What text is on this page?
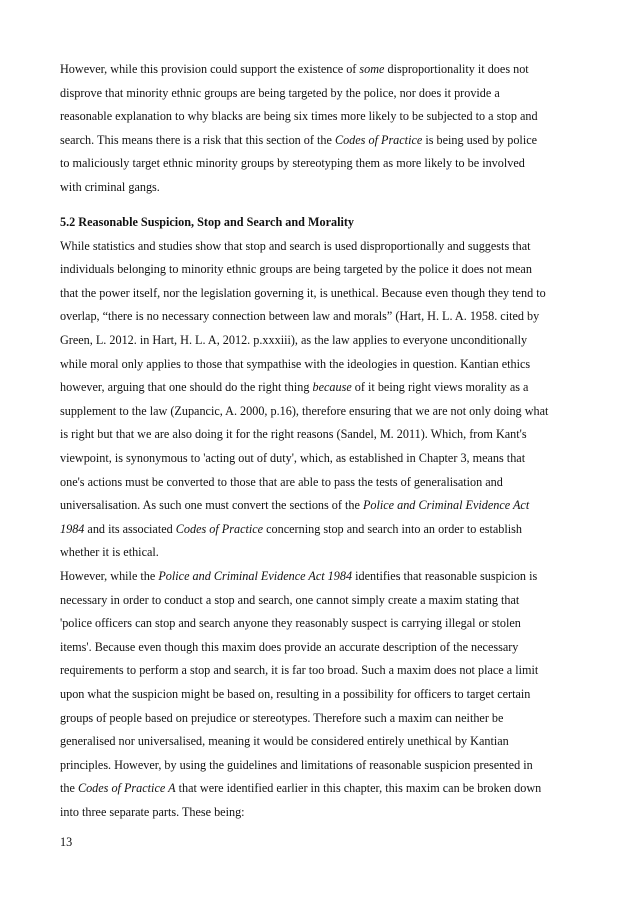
However, while this provision could support the existence of some disproportionality it does not
disprove that minority ethnic groups are being targeted by the police, nor does it provide a
reasonable explanation to why blacks are being six times more likely to be subjected to a stop and
search. This means there is a risk that this section of the Codes of Practice is being used by police
to maliciously target ethnic minority groups by stereotyping them as more likely to be involved
with criminal gangs.
5.2 Reasonable Suspicion, Stop and Search and Morality
While statistics and studies show that stop and search is used disproportionally and suggests that
individuals belonging to minority ethnic groups are being targeted by the police it does not mean
that the power itself, nor the legislation governing it, is unethical. Because even though they tend to
overlap, “there is no necessary connection between law and morals” (Hart, H. L. A. 1958. cited by
Green, L. 2012. in Hart, H. L. A, 2012. p.xxxiii), as the law applies to everyone unconditionally
while moral only applies to those that sympathise with the ideologies in question. Kantian ethics
however, arguing that one should do the right thing because of it being right views morality as a
supplement to the law (Zupancic, A. 2000, p.16), therefore ensuring that we are not only doing what
is right but that we are also doing it for the right reasons (Sandel, M. 2011). Which, from Kant's
viewpoint, is synonymous to 'acting out of duty', which, as established in Chapter 3, means that
one's actions must be converted to those that are able to pass the tests of generalisation and
universalisation. As such one must convert the sections of the Police and Criminal Evidence Act
1984 and its associated Codes of Practice concerning stop and search into an order to establish
whether it is ethical.
However, while the Police and Criminal Evidence Act 1984 identifies that reasonable suspicion is
necessary in order to conduct a stop and search, one cannot simply create a maxim stating that
'police officers can stop and search anyone they reasonably suspect is carrying illegal or stolen
items'. Because even though this maxim does provide an accurate description of the necessary
requirements to perform a stop and search, it is far too broad. Such a maxim does not place a limit
upon what the suspicion might be based on, resulting in a possibility for officers to target certain
groups of people based on prejudice or stereotypes. Therefore such a maxim can neither be
generalised nor universalised, meaning it would be considered entirely unethical by Kantian
principles. However, by using the guidelines and limitations of reasonable suspicion presented in
the Codes of Practice A that were identified earlier in this chapter, this maxim can be broken down
into three separate parts. These being:
13
